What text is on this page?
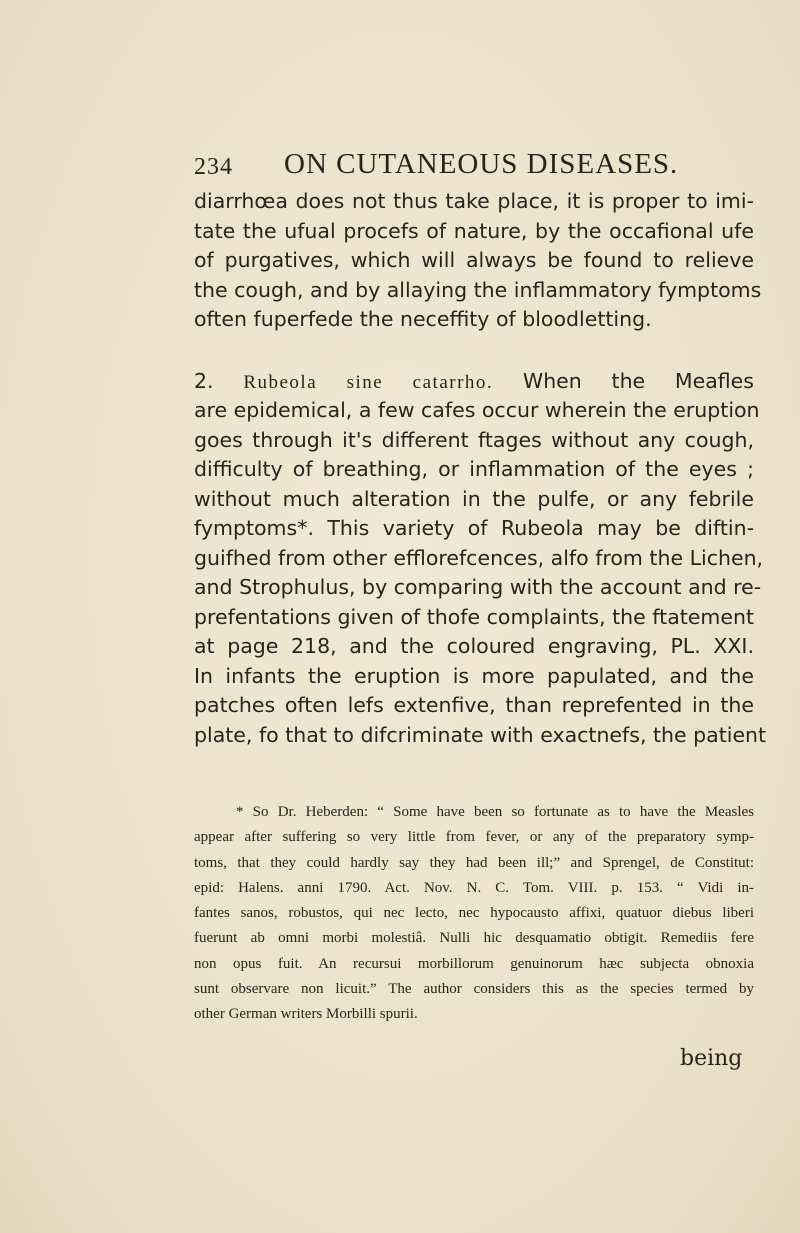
234 ON CUTANEOUS DISEASES.
diarrhœa does not thus take place, it is proper to imi-
tate the ufual procefs of nature, by the occafional ufe
of purgatives, which will always be found to relieve
the cough, and by allaying the inflammatory fymptoms
often fuperfede the neceffity of bloodletting.
2. Rubeola sine catarrho. When the Meafles
are epidemical, a few cafes occur wherein the eruption
goes through it's different ftages without any cough,
difficulty of breathing, or inflammation of the eyes ;
without much alteration in the pulfe, or any febrile
fymptoms*. This variety of Rubeola may be diftin-
guifhed from other efflorefcences, alfo from the Lichen,
and Strophulus, by comparing with the account and re-
prefentations given of thofe complaints, the ftatement
at page 218, and the coloured engraving, PL. XXI.
In infants the eruption is more papulated, and the
patches often lefs extenfive, than reprefented in the
plate, fo that to difcriminate with exactnefs, the patient
* So Dr. Heberden: “ Some have been so fortunate as to have the Measles
appear after suffering so very little from fever, or any of the preparatory symp-
toms, that they could hardly say they had been ill;” and Sprengel, de Constitut:
epid: Halens. anni 1790. Act. Nov. N. C. Tom. VIII. p. 153. “ Vidi in-
fantes sanos, robustos, qui nec lecto, nec hypocausto affixi, quatuor diebus liberi
fuerunt ab omni morbi molestiâ. Nulli hic desquamatio obtigit. Remediis fere
non opus fuit. An recursui morbillorum genuinorum hæc subjecta obnoxia
sunt observare non licuit.” The author considers this as the species termed by
other German writers Morbilli spurii.
being
